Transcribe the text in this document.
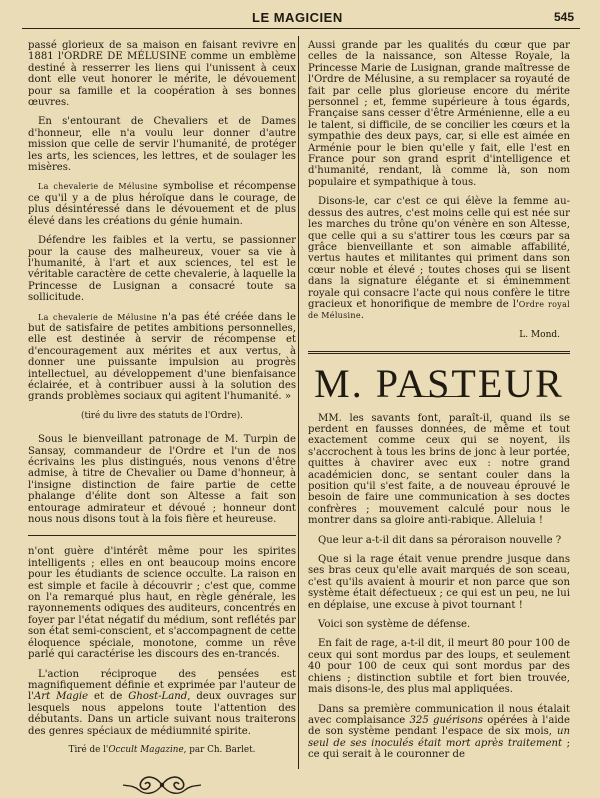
LE MAGICIEN	545

passé glorieux de sa maison en faisant revivre en 1881 l'ORDRE DE MÉLUSINE comme un emblème destiné à resserrer les liens qui l'unissent à ceux dont elle veut honorer le mérite, le dévouement pour sa famille et la coopération à ses bonnes œuvres.

En s'entourant de Chevaliers et de Dames d'honneur, elle n'a voulu leur donner d'autre mission que celle de servir l'humanité, de protéger les arts, les sciences, les lettres, et de soulager les misères.

La chevalerie de Mélusine symbolise et récompense ce qu'il y a de plus héroïque dans le courage, de plus désintéressé dans le dévouement et de plus élevé dans les créations du génie humain.

Défendre les faibles et la vertu, se passionner pour la cause des malheureux, vouer sa vie à l'humanité, à l'art et aux sciences, tel est le véritable caractère de cette chevalerie, à laquelle la Princesse de Lusignan a consacré toute sa sollicitude.

La chevalerie de Mélusine n'a pas été créée dans le but de satisfaire de petites ambitions personnelles, elle est destinée à servir de récompense et d'encouragement aux mérites et aux vertus, à donner une puissante impulsion au progrès intellectuel, au développement d'une bienfaisance éclairée, et à contribuer aussi à la solution des grands problèmes sociaux qui agitent l'humanité. »

(tiré du livre des statuts de l'Ordre).

Sous le bienveillant patronage de M. Turpin de Sansay, commandeur de l'Ordre et l'un de nos écrivains les plus distingués, nous venons d'être admise, à titre de Chevalier ou Dame d'honneur, à l'insigne distinction de faire partie de cette phalange d'élite dont son Altesse a fait son entourage admirateur et dévoué ; honneur dont nous nous disons tout à la fois fière et heureuse.

n'ont guère d'intérêt même pour les spirites intelligents ; elles en ont beaucoup moins encore pour les étudiants de science occulte. La raison en est simple et facile à découvrir ; c'est que, comme on l'a remarqué plus haut, en règle générale, les rayonnements odiques des auditeurs, concentrés en foyer par l'état négatif du médium, sont reflétés par son état semi-conscient, et s'accompagnent de cette éloquence spéciale, monotone, comme un rêve parlé qui caractérise les discours des en-trancés.

L'action réciproque des pensées est magnifiquement définie et exprimée par l'auteur de l'Art Magie et de Ghost-Land, deux ouvrages sur lesquels nous appelons toute l'attention des débutants. Dans un article suivant nous traiterons des genres spéciaux de médiumnité spirite.

Tiré de l'Occult Magazine, par Ch. Barlet.

Aussi grande par les qualités du cœur que par celles de la naissance, son Altesse Royale, la Princesse Marie de Lusignan, grande maîtresse de l'Ordre de Mélusine, a su remplacer sa royauté de fait par celle plus glorieuse encore du mérite personnel ; et, femme supérieure à tous égards, Française sans cesser d'être Arménienne, elle a eu le talent, si difficile, de se concilier les cœurs et la sympathie des deux pays, car, si elle est aimée en Arménie pour le bien qu'elle y fait, elle l'est en France pour son grand esprit d'intelligence et d'humanité, rendant, là comme là, son nom populaire et sympathique à tous.

Disons-le, car c'est ce qui élève la femme au-dessus des autres, c'est moins celle qui est née sur les marches du trône qu'on vénère en son Altesse, que celle qui a su s'attirer tous les cœurs par sa grâce bienveillante et son aimable affabilité, vertus hautes et militantes qui priment dans son cœur noble et élevé ; toutes choses qui se lisent dans la signature élégante et si éminemment royale qui consacre l'acte qui nous confère le titre gracieux et honorifique de membre de l'Ordre royal de Mélusine.

L. Mond.

M. PASTEUR

MM. les savants font, paraît-il, quand ils se perdent en fausses données, de même et tout exactement comme ceux qui se noyent, ils s'accrochent à tous les brins de jonc à leur portée, quittes à chavirer avec eux : notre grand académicien donc, se sentant couler dans la position qu'il s'est faite, a de nouveau éprouvé le besoin de faire une communication à ses doctes confrères ; mouvement calculé pour nous le montrer dans sa gloire anti-rabique. Alleluia !

Que leur a-t-il dit dans sa péroraison nouvelle ?

Que si la rage était venue prendre jusque dans ses bras ceux qu'elle avait marqués de son sceau, c'est qu'ils avaient à mourir et non parce que son système était défectueux ; ce qui est un peu, ne lui en déplaise, une excuse à pivot tournant !

Voici son système de défense.

En fait de rage, a-t-il dit, il meurt 80 pour 100 de ceux qui sont mordus par des loups, et seulement 40 pour 100 de ceux qui sont mordus par des chiens ; distinction subtile et fort bien trouvée, mais disons-le, des plus mal appliquées.

Dans sa première communication il nous étalait avec complaisance 325 guérisons opérées à l'aide de son système pendant l'espace de six mois, un seul de ses inoculés était mort après traitement ; ce qui serait à le couronner de
